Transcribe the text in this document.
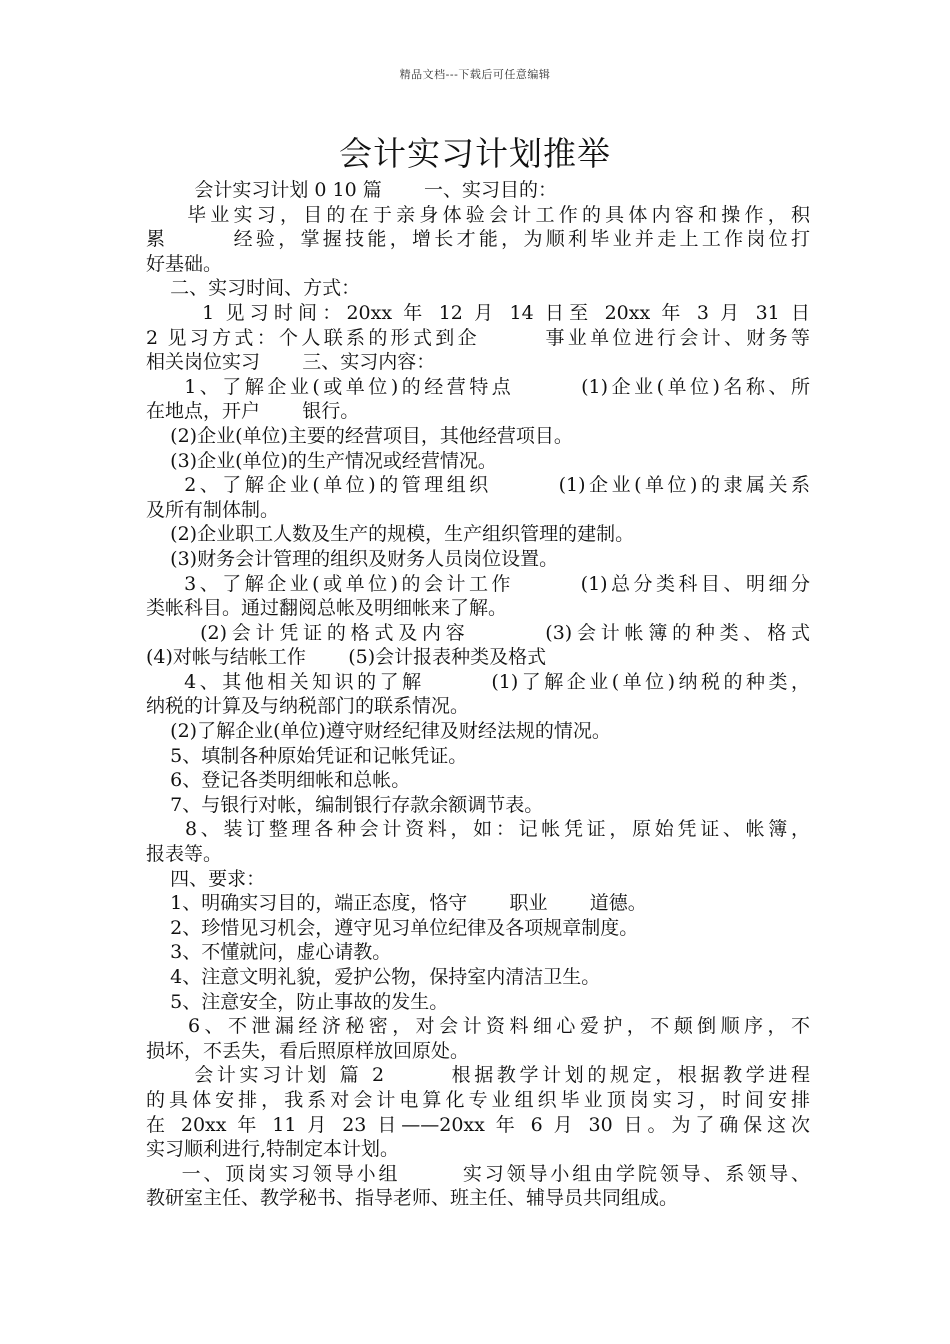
精品文档---下载后可任意编辑
会计实习计划推举
会计实习计划 0 10 篇       一、实习目的：
毕业实习，目的在于亲身体验会计工作的具体内容和操作，积
累       经验，掌握技能，增长才能，为顺利毕业并走上工作岗位打
好基础。
二、实习时间、方式：
1 见习时间：20xx 年 12 月 14 日至 20xx 年 3 月 31 日
2 见习方式：个人联系的形式到企       事业单位进行会计、财务等
相关岗位实习       三、实习内容：
1、了解企业(或单位)的经营特点       (1)企业(单位)名称、所
在地点，开户       银行。
(2)企业(单位)主要的经营项目，其他经营项目。
(3)企业(单位)的生产情况或经营情况。
2、了解企业(单位)的管理组织       (1)企业(单位)的隶属关系
及所有制体制。
(2)企业职工人数及生产的规模，生产组织管理的建制。
(3)财务会计管理的组织及财务人员岗位设置。
3、了解企业(或单位)的会计工作       (1)总分类科目、明细分
类帐科目。通过翻阅总帐及明细帐来了解。
(2)会计凭证的格式及内容       (3)会计帐簿的种类、格式
(4)对帐与结帐工作       (5)会计报表种类及格式
4、其他相关知识的了解       (1)了解企业(单位)纳税的种类，
纳税的计算及与纳税部门的联系情况。
(2)了解企业(单位)遵守财经纪律及财经法规的情况。
5、填制各种原始凭证和记帐凭证。
6、登记各类明细帐和总帐。
7、与银行对帐，编制银行存款余额调节表。
8、装订整理各种会计资料，如：记帐凭证，原始凭证、帐簿，
报表等。
四、要求：
1、明确实习目的，端正态度，恪守       职业       道德。
2、珍惜见习机会，遵守见习单位纪律及各项规章制度。
3、不懂就问，虚心请教。
4、注意文明礼貌，爱护公物，保持室内清洁卫生。
5、注意安全，防止事故的发生。
6、不泄漏经济秘密，对会计资料细心爱护，不颠倒顺序，不
损坏，不丢失，看后照原样放回原处。
会计实习计划 篇 2       根据教学计划的规定，根据教学进程
的具体安排，我系对会计电算化专业组织毕业顶岗实习，时间安排
在 20xx 年 11 月 23 日——20xx 年 6 月 30 日。为了确保这次
实习顺利进行,特制定本计划。
一、顶岗实习领导小组       实习领导小组由学院领导、系领导、
教研室主任、教学秘书、指导老师、班主任、辅导员共同组成。
